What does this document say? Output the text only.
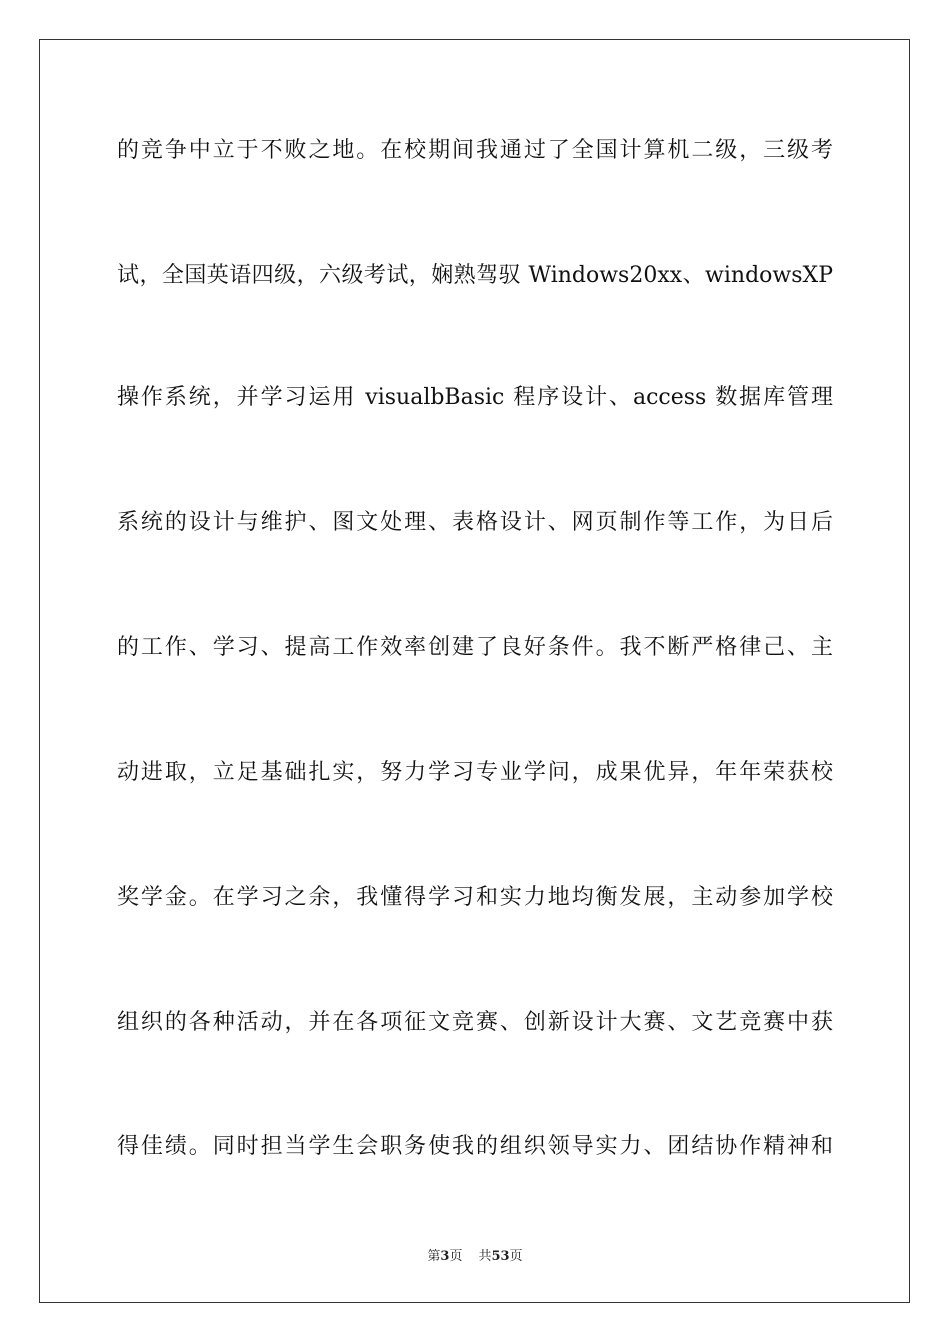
的竞争中立于不败之地。在校期间我通过了全国计算机二级，三级考
试，全国英语四级，六级考试，娴熟驾驭 Windows20xx、windowsXP
操作系统，并学习运用 visualbBasic 程序设计、access 数据库管理
系统的设计与维护、图文处理、表格设计、网页制作等工作，为日后
的工作、学习、提高工作效率创建了良好条件。我不断严格律己、主
动进取，立足基础扎实，努力学习专业学问，成果优异，年年荣获校
奖学金。在学习之余，我懂得学习和实力地均衡发展，主动参加学校
组织的各种活动，并在各项征文竞赛、创新设计大赛、文艺竞赛中获
得佳绩。同时担当学生会职务使我的组织领导实力、团结协作精神和
第3页 共53页
